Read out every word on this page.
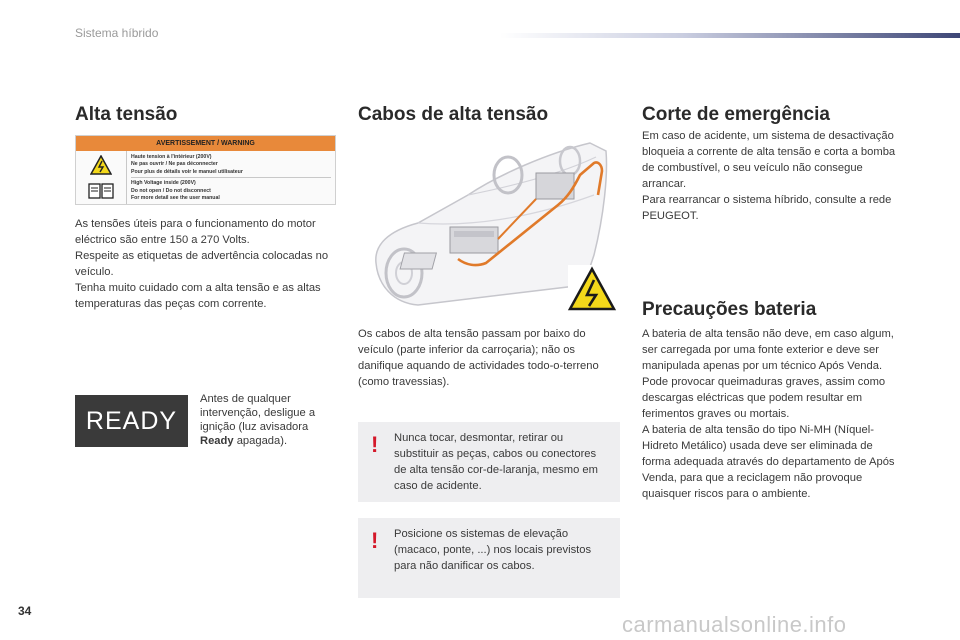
Sistema híbrido
Alta tensão
AVERTISSEMENT / WARNING
Haute tension à l'intérieur (200V)
Ne pas ouvrir / Ne pas déconnecter
Pour plus de détails voir le manuel utilisateur
High Voltage inside (200V)
Do not open / Do not disconnect
For more detail see the user manual

As tensões úteis para o funcionamento do motor eléctrico são entre 150 a 270 Volts.

Respeite as etiquetas de advertência colocadas no veículo.

Tenha muito cuidado com a alta tensão e as altas temperaturas das peças com corrente.

READY
Antes de qualquer intervenção, desligue a ignição (luz avisadora Ready apagada).
Cabos de alta tensão

Os cabos de alta tensão passam por baixo do veículo (parte inferior da carroçaria); não os danifique aquando de actividades todo-o-terreno (como travessias).

! Nunca tocar, desmontar, retirar ou substituir as peças, cabos ou conectores de alta tensão cor-de-laranja, mesmo em caso de acidente.

! Posicione os sistemas de elevação (macaco, ponte, ...) nos locais previstos para não danificar os cabos.

Corte de emergência

Em caso de acidente, um sistema de desactivação bloqueia a corrente de alta tensão e corta a bomba de combustível, o seu veículo não consegue arrancar.

Para rearrancar o sistema híbrido, consulte a rede PEUGEOT.

Precauções bateria

A bateria de alta tensão não deve, em caso algum, ser carregada por uma fonte exterior e deve ser manipulada apenas por um técnico Após Venda.

Pode provocar queimaduras graves, assim como descargas eléctricas que podem resultar em ferimentos graves ou mortais.

A bateria de alta tensão do tipo Ni-MH (Níquel-Hidreto Metálico) usada deve ser eliminada de forma adequada através do departamento de Após Venda, para que a reciclagem não provoque quaisquer riscos para o ambiente.

34
carmanualsonline.info
